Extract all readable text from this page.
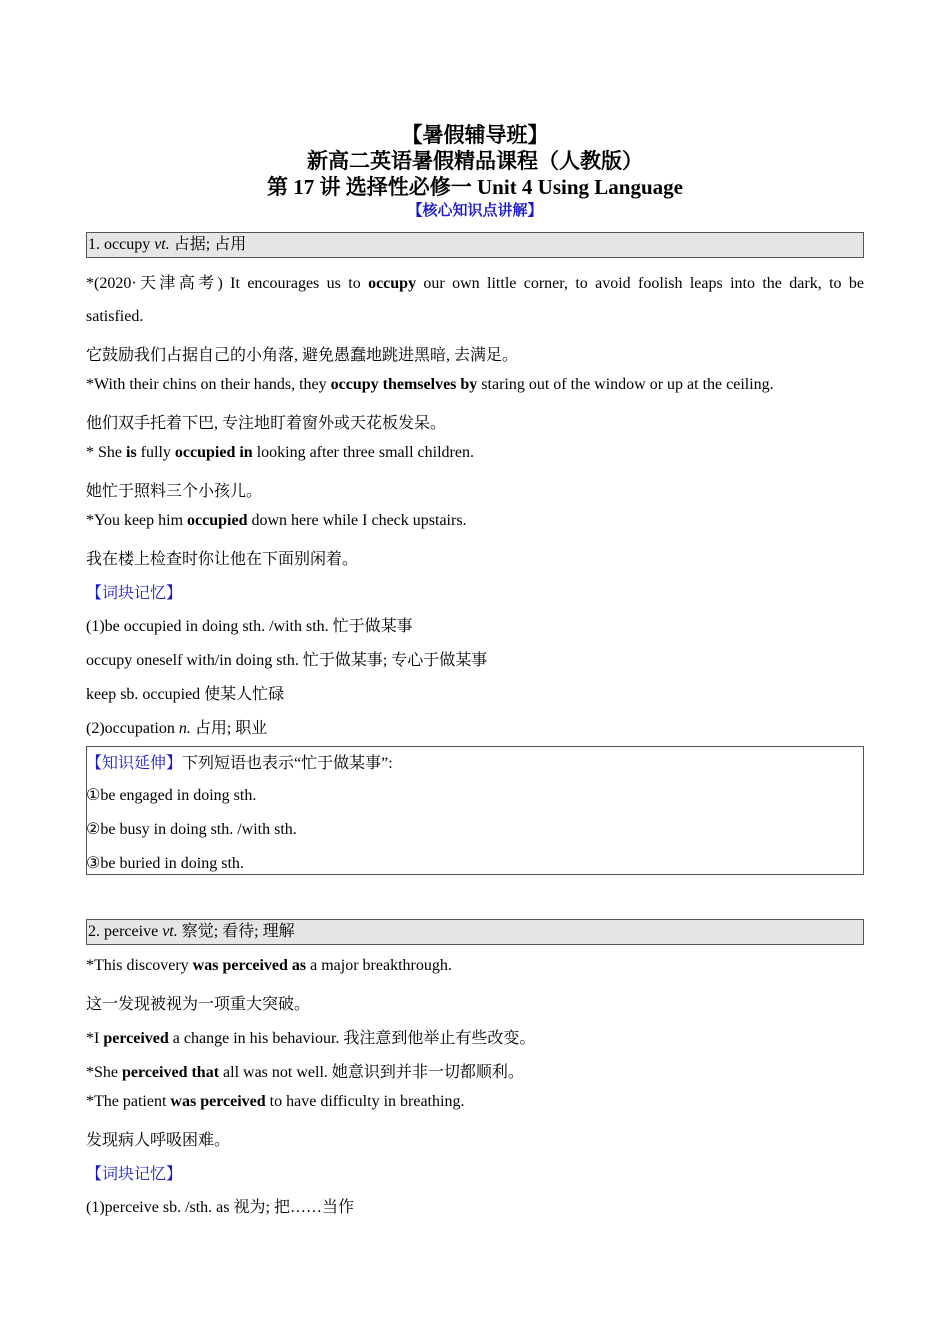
【暑假辅导班】
新高二英语暑假精品课程（人教版）
第 17 讲 选择性必修一 Unit 4 Using Language
【核心知识点讲解】
1. occupy vt. 占据; 占用
*(2020·天津高考) It encourages us to occupy our own little corner, to avoid foolish leaps into the dark, to be
satisfied.
它鼓励我们占据自己的小角落, 避免愚蠢地跳进黑暗, 去满足。
*With their chins on their hands, they occupy themselves by staring out of the window or up at the ceiling.
他们双手托着下巴, 专注地盯着窗外或天花板发呆。
* She is fully occupied in looking after three small children.
她忙于照料三个小孩儿。
*You keep him occupied down here while I check upstairs.
我在楼上检查时你让他在下面别闲着。
【词块记忆】
(1)be occupied in doing sth. /with sth. 忙于做某事
occupy oneself with/in doing sth. 忙于做某事; 专心于做某事
keep sb. occupied 使某人忙碌
(2)occupation n. 占用; 职业
【知识延伸】下列短语也表示“忙于做某事”:
①be engaged in doing sth.
②be busy in doing sth. /with sth.
③be buried in doing sth.
2. perceive vt. 察觉; 看待; 理解
*This discovery was perceived as a major breakthrough.
这一发现被视为一项重大突破。
*I perceived a change in his behaviour. 我注意到他举止有些改变。
*She perceived that all was not well. 她意识到并非一切都顺利。
*The patient was perceived to have difficulty in breathing.
发现病人呼吸困难。
【词块记忆】
(1)perceive sb. /sth. as 视为; 把……当作
